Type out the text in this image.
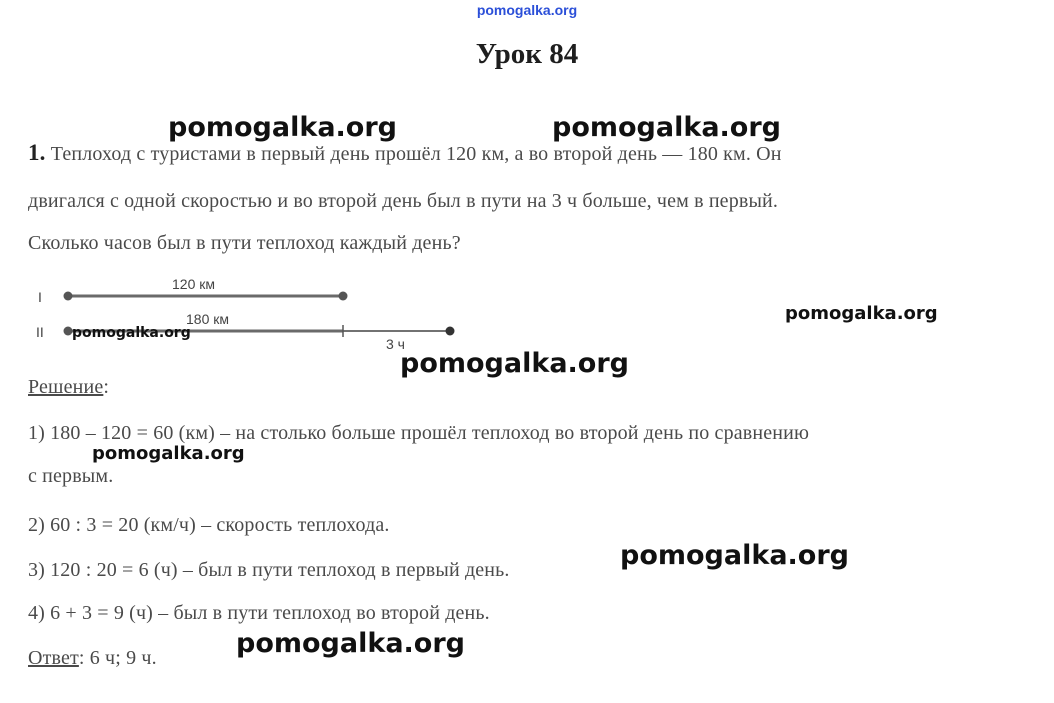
pomogalka.org
Урок 84
1. Теплоход с туристами в первый день прошёл 120 км, а во второй день — 180 км. Он
двигался с одной скоростью и во второй день был в пути на 3 ч больше, чем в первый.
Сколько часов был в пути теплоход каждый день?
I
120 км
II
180 км
3 ч
Решение:
1) 180 – 120 = 60 (км) – на столько больше прошёл теплоход во второй день по сравнению
с первым.
2) 60 : 3 = 20 (км/ч) – скорость теплохода.
3) 120 : 20 = 6 (ч) – был в пути теплоход в первый день.
4) 6 + 3 = 9 (ч) – был в пути теплоход во второй день.
Ответ: 6 ч; 9 ч.
pomogalka.org	pomogalka.org
pomogalka.org
pomogalka.org
pomogalka.org
pomogalka.org
pomogalka.org
pomogalka.org
